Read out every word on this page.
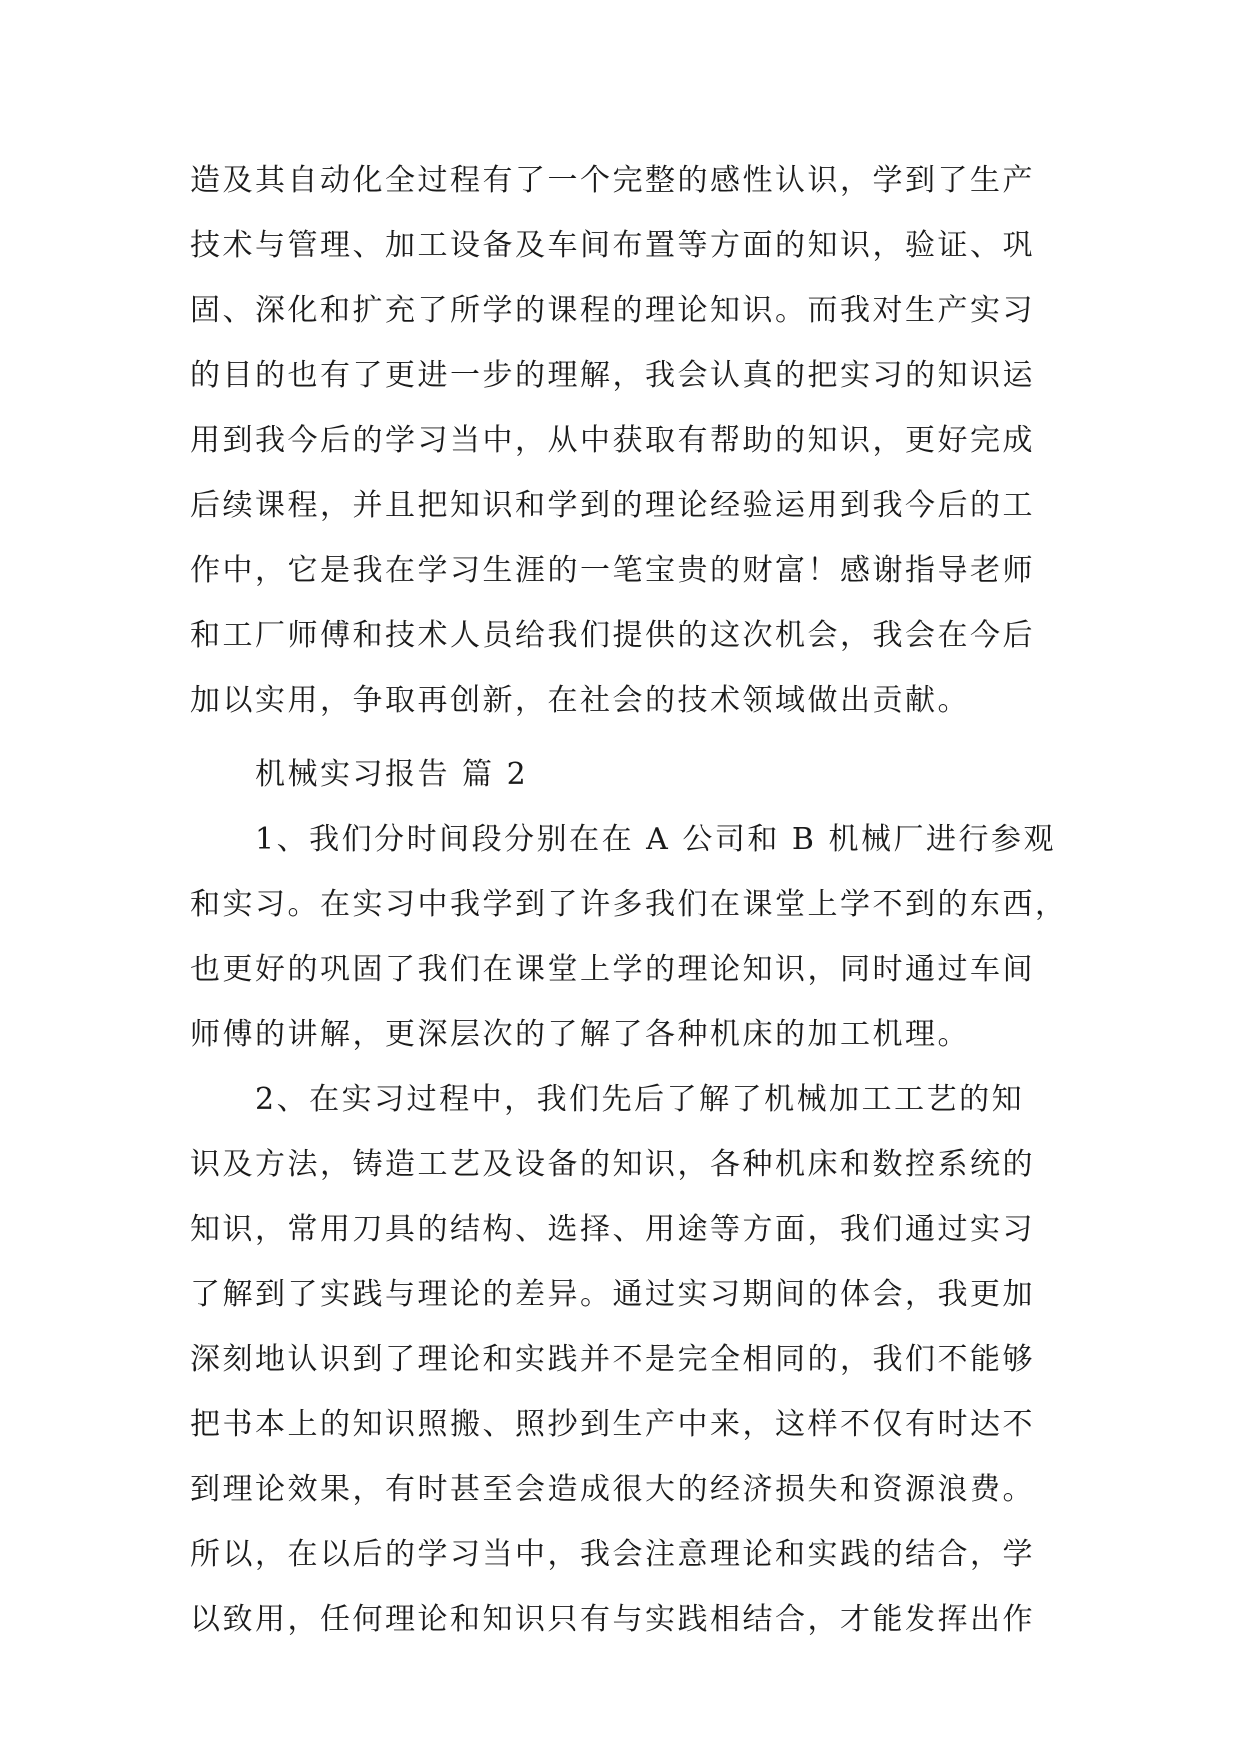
造及其自动化全过程有了一个完整的感性认识，学到了生产
技术与管理、加工设备及车间布置等方面的知识，验证、巩
固、深化和扩充了所学的课程的理论知识。而我对生产实习
的目的也有了更进一步的理解，我会认真的把实习的知识运
用到我今后的学习当中，从中获取有帮助的知识，更好完成
后续课程，并且把知识和学到的理论经验运用到我今后的工
作中，它是我在学习生涯的一笔宝贵的财富！感谢指导老师
和工厂师傅和技术人员给我们提供的这次机会，我会在今后
加以实用，争取再创新，在社会的技术领域做出贡献。
机械实习报告 篇 2
1、我们分时间段分别在在 A 公司和 B 机械厂进行参观
和实习。在实习中我学到了许多我们在课堂上学不到的东西，
也更好的巩固了我们在课堂上学的理论知识，同时通过车间
师傅的讲解，更深层次的了解了各种机床的加工机理。
2、在实习过程中，我们先后了解了机械加工工艺的知
识及方法，铸造工艺及设备的知识，各种机床和数控系统的
知识，常用刀具的结构、选择、用途等方面，我们通过实习
了解到了实践与理论的差异。通过实习期间的体会，我更加
深刻地认识到了理论和实践并不是完全相同的，我们不能够
把书本上的知识照搬、照抄到生产中来，这样不仅有时达不
到理论效果，有时甚至会造成很大的经济损失和资源浪费。
所以，在以后的学习当中，我会注意理论和实践的结合，学
以致用，任何理论和知识只有与实践相结合，才能发挥出作
